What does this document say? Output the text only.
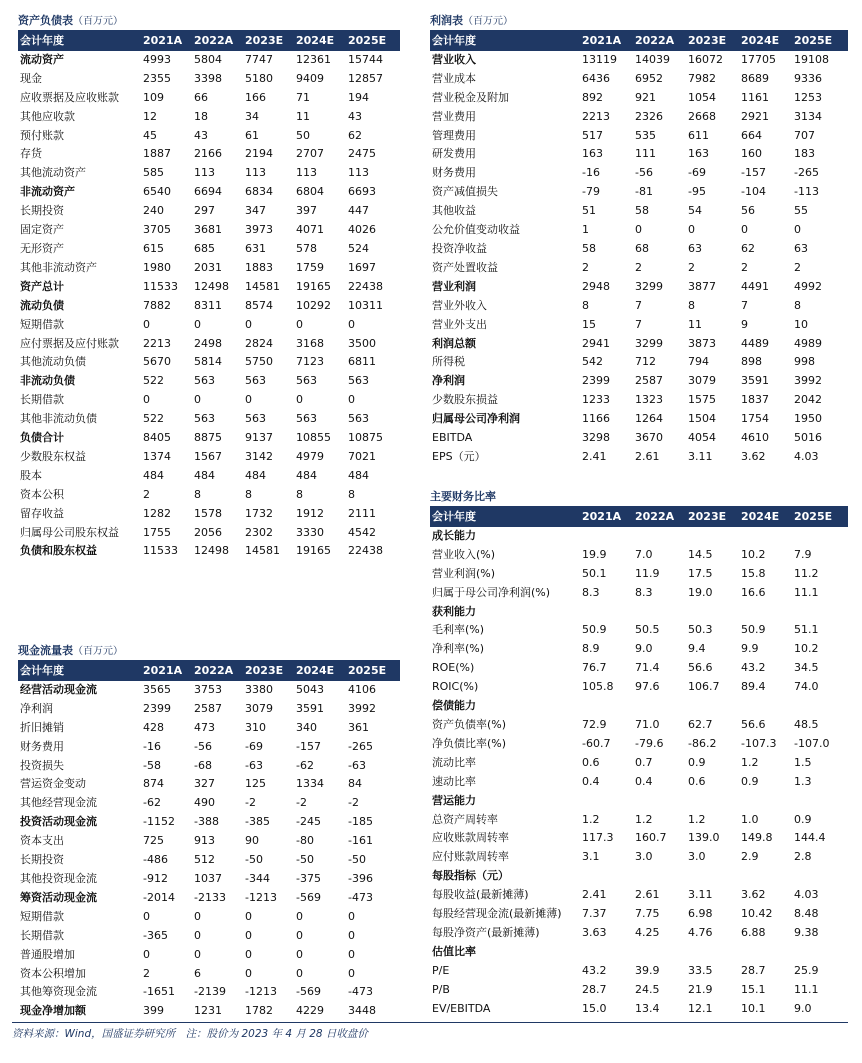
资产负债表（百万元）
会计年度	2021A	2022A	2023E	2024E	2025E
流动资产	4993	5804	7747	12361	15744
现金	2355	3398	5180	9409	12857
应收票据及应收账款	109	66	166	71	194
其他应收款	12	18	34	11	43
预付账款	45	43	61	50	62
存货	1887	2166	2194	2707	2475
其他流动资产	585	113	113	113	113
非流动资产	6540	6694	6834	6804	6693
长期投资	240	297	347	397	447
固定资产	3705	3681	3973	4071	4026
无形资产	615	685	631	578	524
其他非流动资产	1980	2031	1883	1759	1697
资产总计	11533	12498	14581	19165	22438
流动负债	7882	8311	8574	10292	10311
短期借款	0	0	0	0	0
应付票据及应付账款	2213	2498	2824	3168	3500
其他流动负债	5670	5814	5750	7123	6811
非流动负债	522	563	563	563	563
长期借款	0	0	0	0	0
其他非流动负债	522	563	563	563	563
负债合计	8405	8875	9137	10855	10875
少数股东权益	1374	1567	3142	4979	7021
股本	484	484	484	484	484
资本公积	2	8	8	8	8
留存收益	1282	1578	1732	1912	2111
归属母公司股东权益	1755	2056	2302	3330	4542
负债和股东权益	11533	12498	14581	19165	22438
利润表（百万元）
会计年度	2021A	2022A	2023E	2024E	2025E
营业收入	13119	14039	16072	17705	19108
营业成本	6436	6952	7982	8689	9336
营业税金及附加	892	921	1054	1161	1253
营业费用	2213	2326	2668	2921	3134
管理费用	517	535	611	664	707
研发费用	163	111	163	160	183
财务费用	-16	-56	-69	-157	-265
资产减值损失	-79	-81	-95	-104	-113
其他收益	51	58	54	56	55
公允价值变动收益	1	0	0	0	0
投资净收益	58	68	63	62	63
资产处置收益	2	2	2	2	2
营业利润	2948	3299	3877	4491	4992
营业外收入	8	7	8	7	8
营业外支出	15	7	11	9	10
利润总额	2941	3299	3873	4489	4989
所得税	542	712	794	898	998
净利润	2399	2587	3079	3591	3992
少数股东损益	1233	1323	1575	1837	2042
归属母公司净利润	1166	1264	1504	1754	1950
EBITDA	3298	3670	4054	4610	5016
EPS（元）	2.41	2.61	3.11	3.62	4.03
主要财务比率
会计年度	2021A	2022A	2023E	2024E	2025E
成长能力					
营业收入(%)	19.9	7.0	14.5	10.2	7.9
营业利润(%)	50.1	11.9	17.5	15.8	11.2
归属于母公司净利润(%)	8.3	8.3	19.0	16.6	11.1
获利能力					
毛利率(%)	50.9	50.5	50.3	50.9	51.1
净利率(%)	8.9	9.0	9.4	9.9	10.2
ROE(%)	76.7	71.4	56.6	43.2	34.5
ROIC(%)	105.8	97.6	106.7	89.4	74.0
偿债能力					
资产负债率(%)	72.9	71.0	62.7	56.6	48.5
净负债比率(%)	-60.7	-79.6	-86.2	-107.3	-107.0
流动比率	0.6	0.7	0.9	1.2	1.5
速动比率	0.4	0.4	0.6	0.9	1.3
营运能力					
总资产周转率	1.2	1.2	1.2	1.0	0.9
应收账款周转率	117.3	160.7	139.0	149.8	144.4
应付账款周转率	3.1	3.0	3.0	2.9	2.8
每股指标（元）					
每股收益(最新摊薄)	2.41	2.61	3.11	3.62	4.03
每股经营现金流(最新摊薄)	7.37	7.75	6.98	10.42	8.48
每股净资产(最新摊薄)	3.63	4.25	4.76	6.88	9.38
估值比率					
P/E	43.2	39.9	33.5	28.7	25.9
P/B	28.7	24.5	21.9	15.1	11.1
EV/EBITDA	15.0	13.4	12.1	10.1	9.0
现金流量表（百万元）
会计年度	2021A	2022A	2023E	2024E	2025E
经营活动现金流	3565	3753	3380	5043	4106
净利润	2399	2587	3079	3591	3992
折旧摊销	428	473	310	340	361
财务费用	-16	-56	-69	-157	-265
投资损失	-58	-68	-63	-62	-63
营运资金变动	874	327	125	1334	84
其他经营现金流	-62	490	-2	-2	-2
投资活动现金流	-1152	-388	-385	-245	-185
资本支出	725	913	90	-80	-161
长期投资	-486	512	-50	-50	-50
其他投资现金流	-912	1037	-344	-375	-396
筹资活动现金流	-2014	-2133	-1213	-569	-473
短期借款	0	0	0	0	0
长期借款	-365	0	0	0	0
普通股增加	0	0	0	0	0
资本公积增加	2	6	0	0	0
其他筹资现金流	-1651	-2139	-1213	-569	-473
现金净增加额	399	1231	1782	4229	3448
资料来源：Wind，国盛证券研究所　注：股价为 2023 年 4 月 28 日收盘价
